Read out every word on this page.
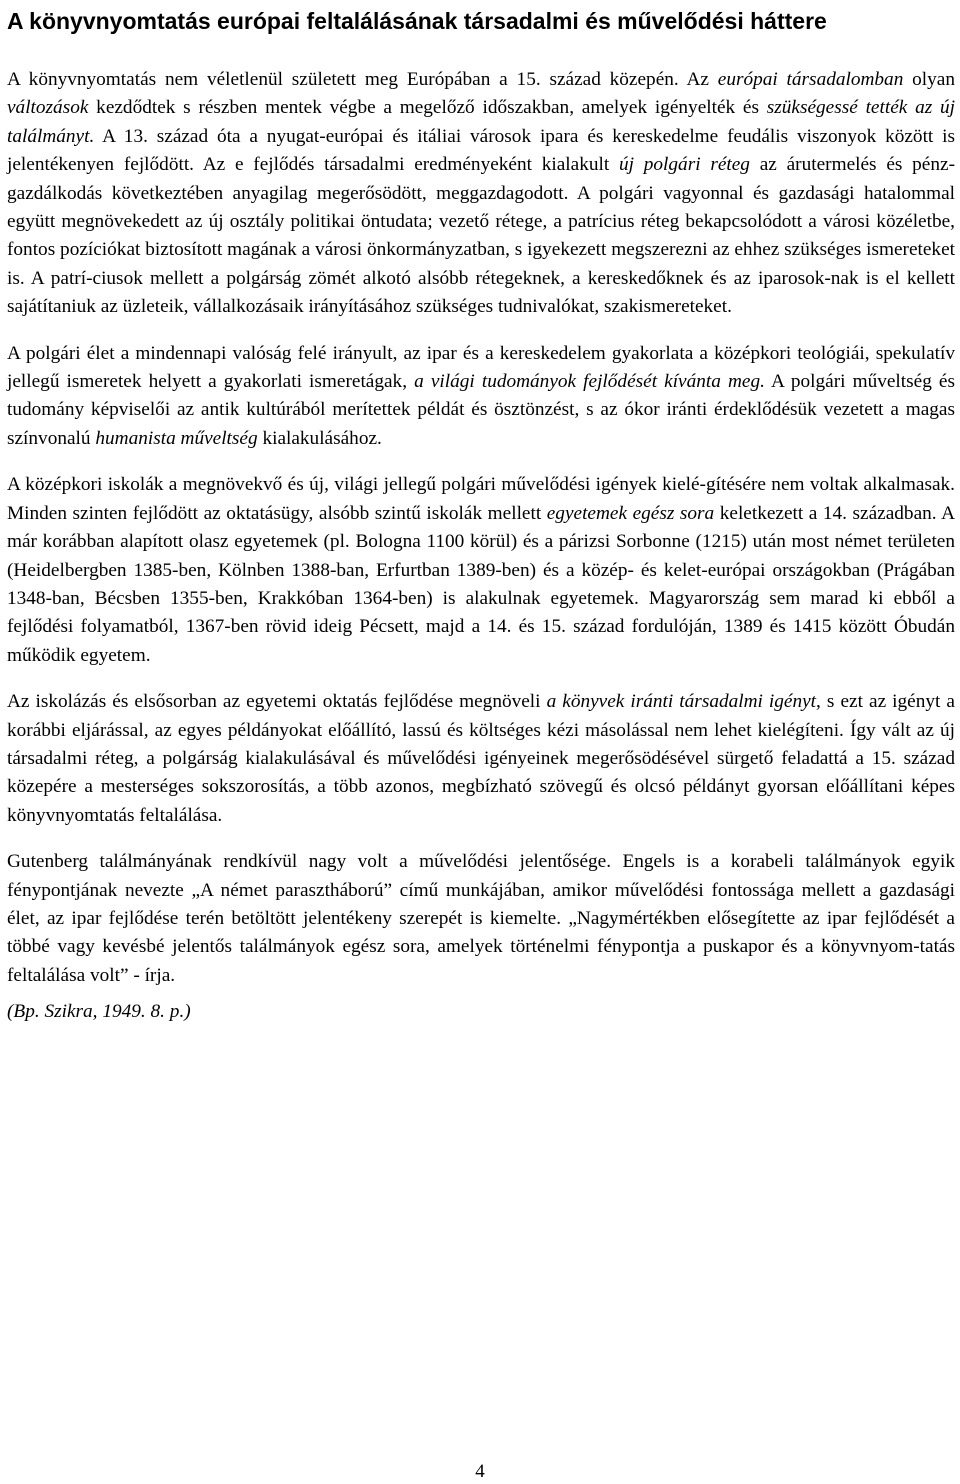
A könyvnyomtatás európai feltalálásának társadalmi és művelődési háttere

A könyvnyomtatás nem véletlenül született meg Európában a 15. század közepén. Az európai társadalomban olyan változások kezdődtek s részben mentek végbe a megelőző időszakban, amelyek igényelték és szükségessé tették az új találmányt. A 13. század óta a nyugat-európai és itáliai városok ipara és kereskedelme feudális viszonyok között is jelentékenyen fejlődött. Az e fejlődés társadalmi eredményeként kialakult új polgári réteg az árutermelés és pénz-gazdálkodás következtében anyagilag megerősödött, meggazdagodott. A polgári vagyonnal és gazdasági hatalommal együtt megnövekedett az új osztály politikai öntudata; vezető rétege, a patrícius réteg bekapcsolódott a városi közéletbe, fontos pozíciókat biztosított magának a városi önkormányzatban, s igyekezett megszerezni az ehhez szükséges ismereteket is. A patrí-ciusok mellett a polgárság zömét alkotó alsóbb rétegeknek, a kereskedőknek és az iparosok-nak is el kellett sajátítaniuk az üzleteik, vállalkozásaik irányításához szükséges tudnivalókat, szakismereteket.

A polgári élet a mindennapi valóság felé irányult, az ipar és a kereskedelem gyakorlata a középkori teológiái, spekulatív jellegű ismeretek helyett a gyakorlati ismeretágak, a világi tudományok fejlődését kívánta meg. A polgári műveltség és tudomány képviselői az antik kultúrából merítettek példát és ösztönzést, s az ókor iránti érdeklődésük vezetett a magas színvonalú humanista műveltség kialakulásához.

A középkori iskolák a megnövekvő és új, világi jellegű polgári művelődési igények kielé-gítésére nem voltak alkalmasak. Minden szinten fejlődött az oktatásügy, alsóbb szintű iskolák mellett egyetemek egész sora keletkezett a 14. században. A már korábban alapított olasz egyetemek (pl. Bologna 1100 körül) és a párizsi Sorbonne (1215) után most német területen (Heidelbergben 1385-ben, Kölnben 1388-ban, Erfurtban 1389-ben) és a közép- és kelet-európai országokban (Prágában 1348-ban, Bécsben 1355-ben, Krakkóban 1364-ben) is alakulnak egyetemek. Magyarország sem marad ki ebből a fejlődési folyamatból, 1367-ben rövid ideig Pécsett, majd a 14. és 15. század fordulóján, 1389 és 1415 között Óbudán működik egyetem.

Az iskolázás és elsősorban az egyetemi oktatás fejlődése megnöveli a könyvek iránti társadalmi igényt, s ezt az igényt a korábbi eljárással, az egyes példányokat előállító, lassú és költséges kézi másolással nem lehet kielégíteni. Így vált az új társadalmi réteg, a polgárság kialakulásával és művelődési igényeinek megerősödésével sürgető feladattá a 15. század közepére a mesterséges sokszorosítás, a több azonos, megbízható szövegű és olcsó példányt gyorsan előállítani képes könyvnyomtatás feltalálása.

Gutenberg találmányának rendkívül nagy volt a művelődési jelentősége. Engels is a korabeli találmányok egyik fénypontjának nevezte „A német parasztháború” című munkájában, amikor művelődési fontossága mellett a gazdasági élet, az ipar fejlődése terén betöltött jelentékeny szerepét is kiemelte. „Nagymértékben elősegítette az ipar fejlődését a többé vagy kevésbé jelentős találmányok egész sora, amelyek történelmi fénypontja a puskapor és a könyvnyom-tatás feltalálása volt” - írja.

(Bp. Szikra, 1949. 8. p.)

4
